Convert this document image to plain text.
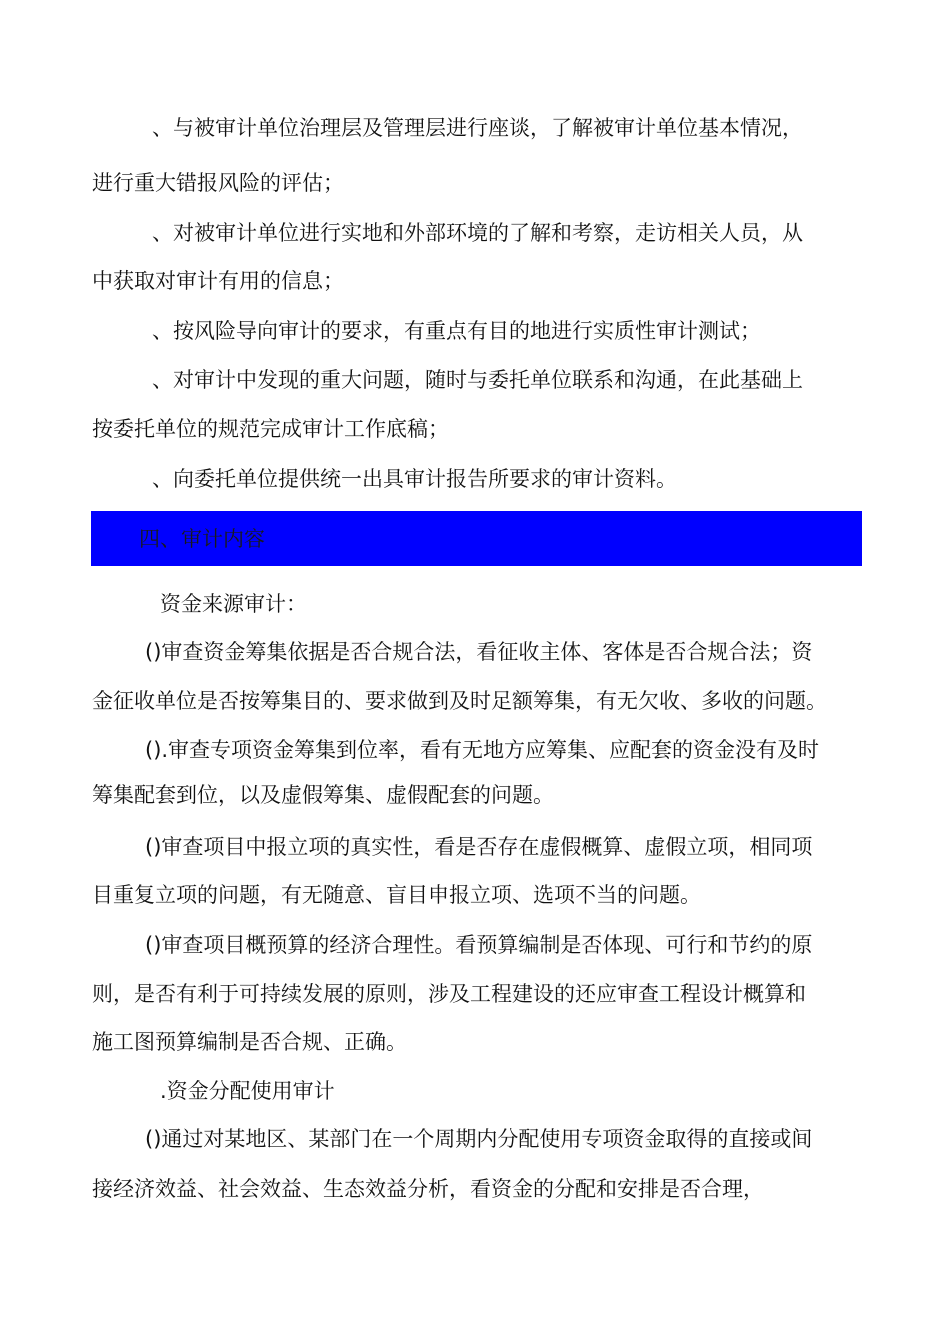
、与被审计单位治理层及管理层进行座谈，了解被审计单位基本情况，
进行重大错报风险的评估；
、对被审计单位进行实地和外部环境的了解和考察，走访相关人员，从
中获取对审计有用的信息；
、按风险导向审计的要求，有重点有目的地进行实质性审计测试；
、对审计中发现的重大问题，随时与委托单位联系和沟通，在此基础上
按委托单位的规范完成审计工作底稿；
、向委托单位提供统一出具审计报告所要求的审计资料。
四、审计内容
资金来源审计：
()审查资金筹集依据是否合规合法，看征收主体、客体是否合规合法；资
金征收单位是否按筹集目的、要求做到及时足额筹集，有无欠收、多收的问题。
().审查专项资金筹集到位率，看有无地方应筹集、应配套的资金没有及时
筹集配套到位，以及虚假筹集、虚假配套的问题。
()审查项目中报立项的真实性，看是否存在虚假概算、虚假立项，相同项
目重复立项的问题，有无随意、盲目申报立项、选项不当的问题。
()审查项目概预算的经济合理性。看预算编制是否体现、可行和节约的原
则，是否有利于可持续发展的原则，涉及工程建设的还应审查工程设计概算和
施工图预算编制是否合规、正确。
.资金分配使用审计
()通过对某地区、某部门在一个周期内分配使用专项资金取得的直接或间
接经济效益、社会效益、生态效益分析，看资金的分配和安排是否合理，
